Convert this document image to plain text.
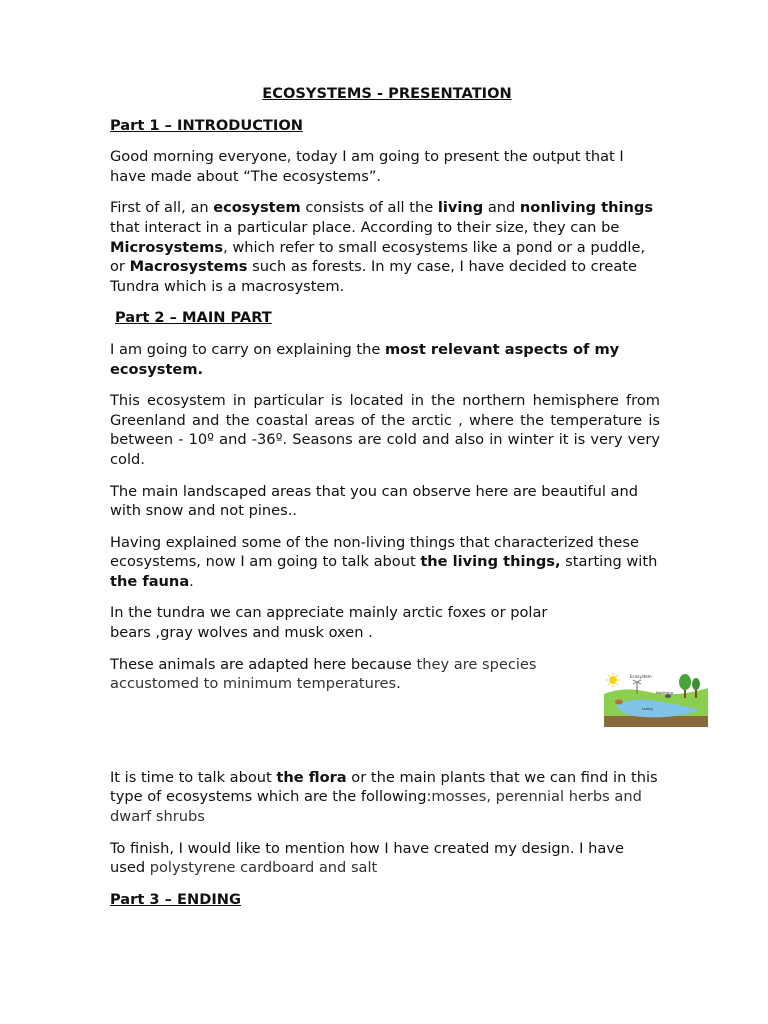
ECOSYSTEMS - PRESENTATION

Part 1 – INTRODUCTION

Good morning everyone, today I am going to present the output that I have made about “The ecosystems”.

First of all, an ecosystem consists of all the living and nonliving things that interact in a particular place. According to their size, they can be Microsystems, which refer to small ecosystems like a pond or a puddle, or Macrosystems such as forests. In my case, I have decided to create Tundra which is a macrosystem.

Part 2 – MAIN PART

I am going to carry on explaining the most relevant aspects of my ecosystem.

This ecosystem in particular is located in the northern hemisphere from Greenland and the coastal areas of the arctic , where the temperature is between - 10º and -36º. Seasons are cold and also in winter it is very very cold.

The main landscaped areas that you can observe here are beautiful and with snow and not pines..

Having explained some of the non-living things that characterized these ecosystems, now I am going to talk about the living things, starting with the fauna.

In the tundra we can appreciate mainly arctic foxes or polar bears ,gray wolves and musk oxen .

These animals are adapted here because they are species accustomed to minimum temperatures.

It is time to talk about the flora or the main plants that we can find in this type of ecosystems which are the following:mosses, perennial herbs and dwarf shrubs

To finish, I would like to mention how I have created my design. I have used polystyrene cardboard and salt

Part 3 – ENDING

Ecosystem
Nonliving
Living
